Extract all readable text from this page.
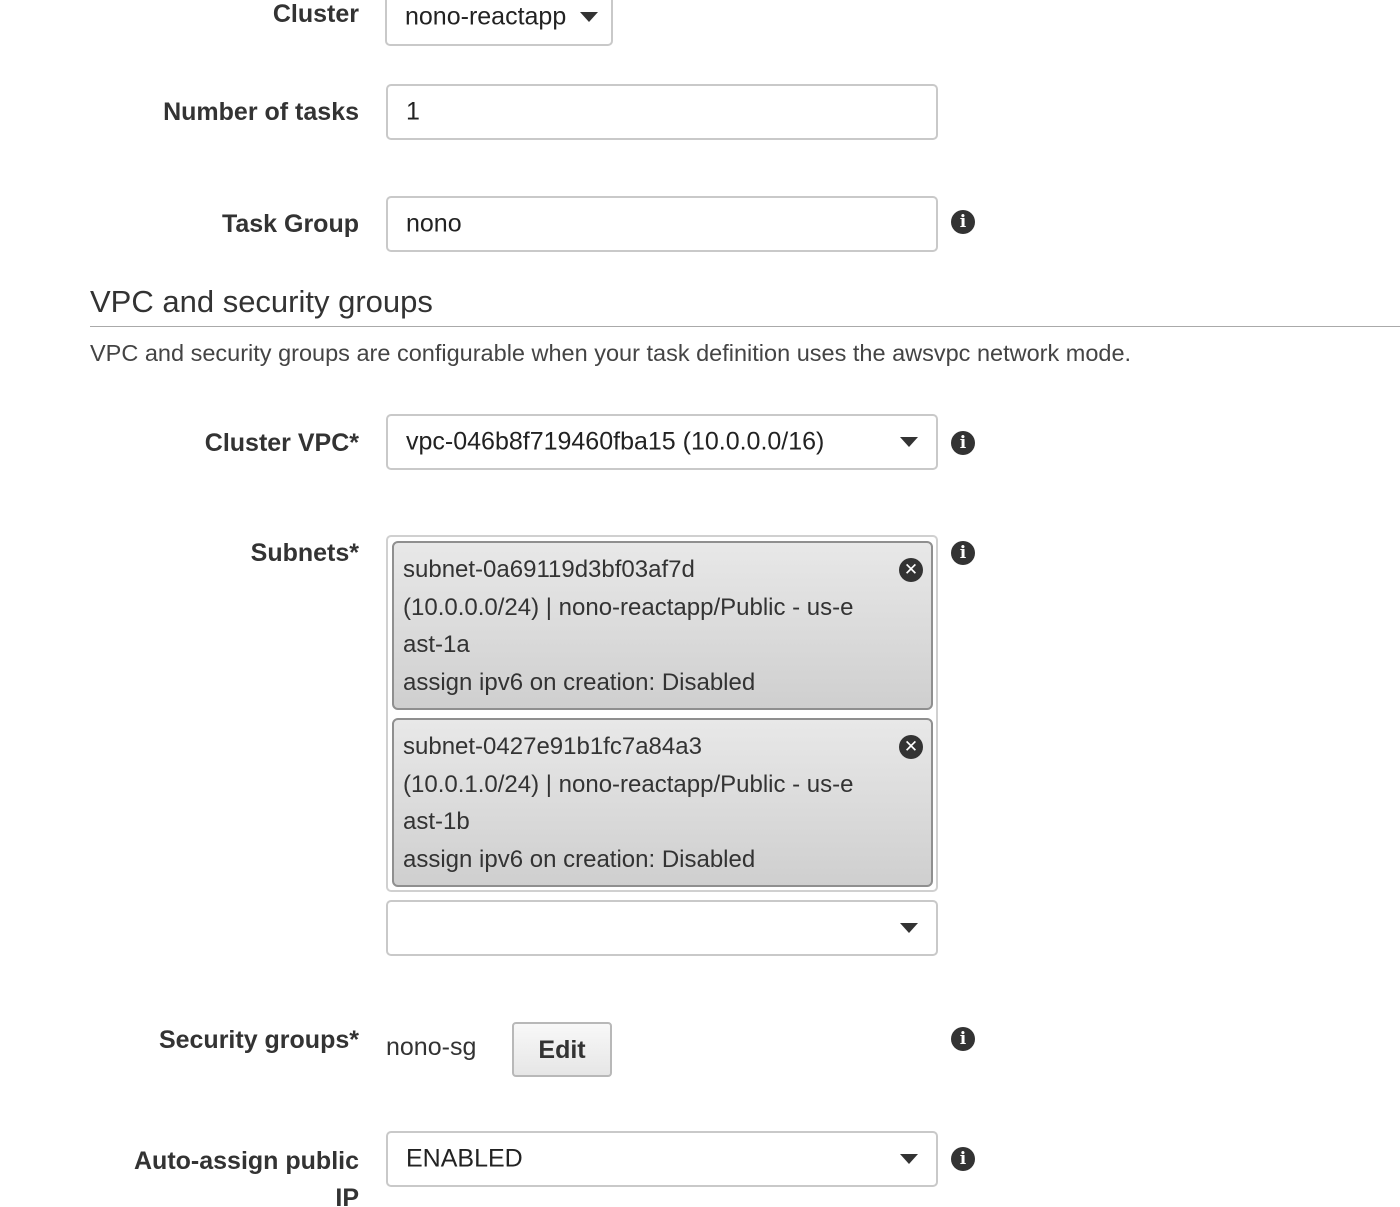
Cluster nono-reactapp
Number of tasks 1
Task Group nono	i
VPC and security groups
VPC and security groups are configurable when your task definition uses the awsvpc network mode.
Cluster VPC* vpc-046b8f719460fba15 (10.0.0.0/16)	i
Subnets*
subnet-0a69119d3bf03af7d
(10.0.0.0/24) | nono-reactapp/Public - us-e
ast-1a
assign ipv6 on creation: Disabled
✕
subnet-0427e91b1fc7a84a3
(10.0.1.0/24) | nono-reactapp/Public - us-e
ast-1b
assign ipv6 on creation: Disabled
✕
i
Security groups* nono-sg	Edit	i
Auto-assign public
IP
ENABLED	i
